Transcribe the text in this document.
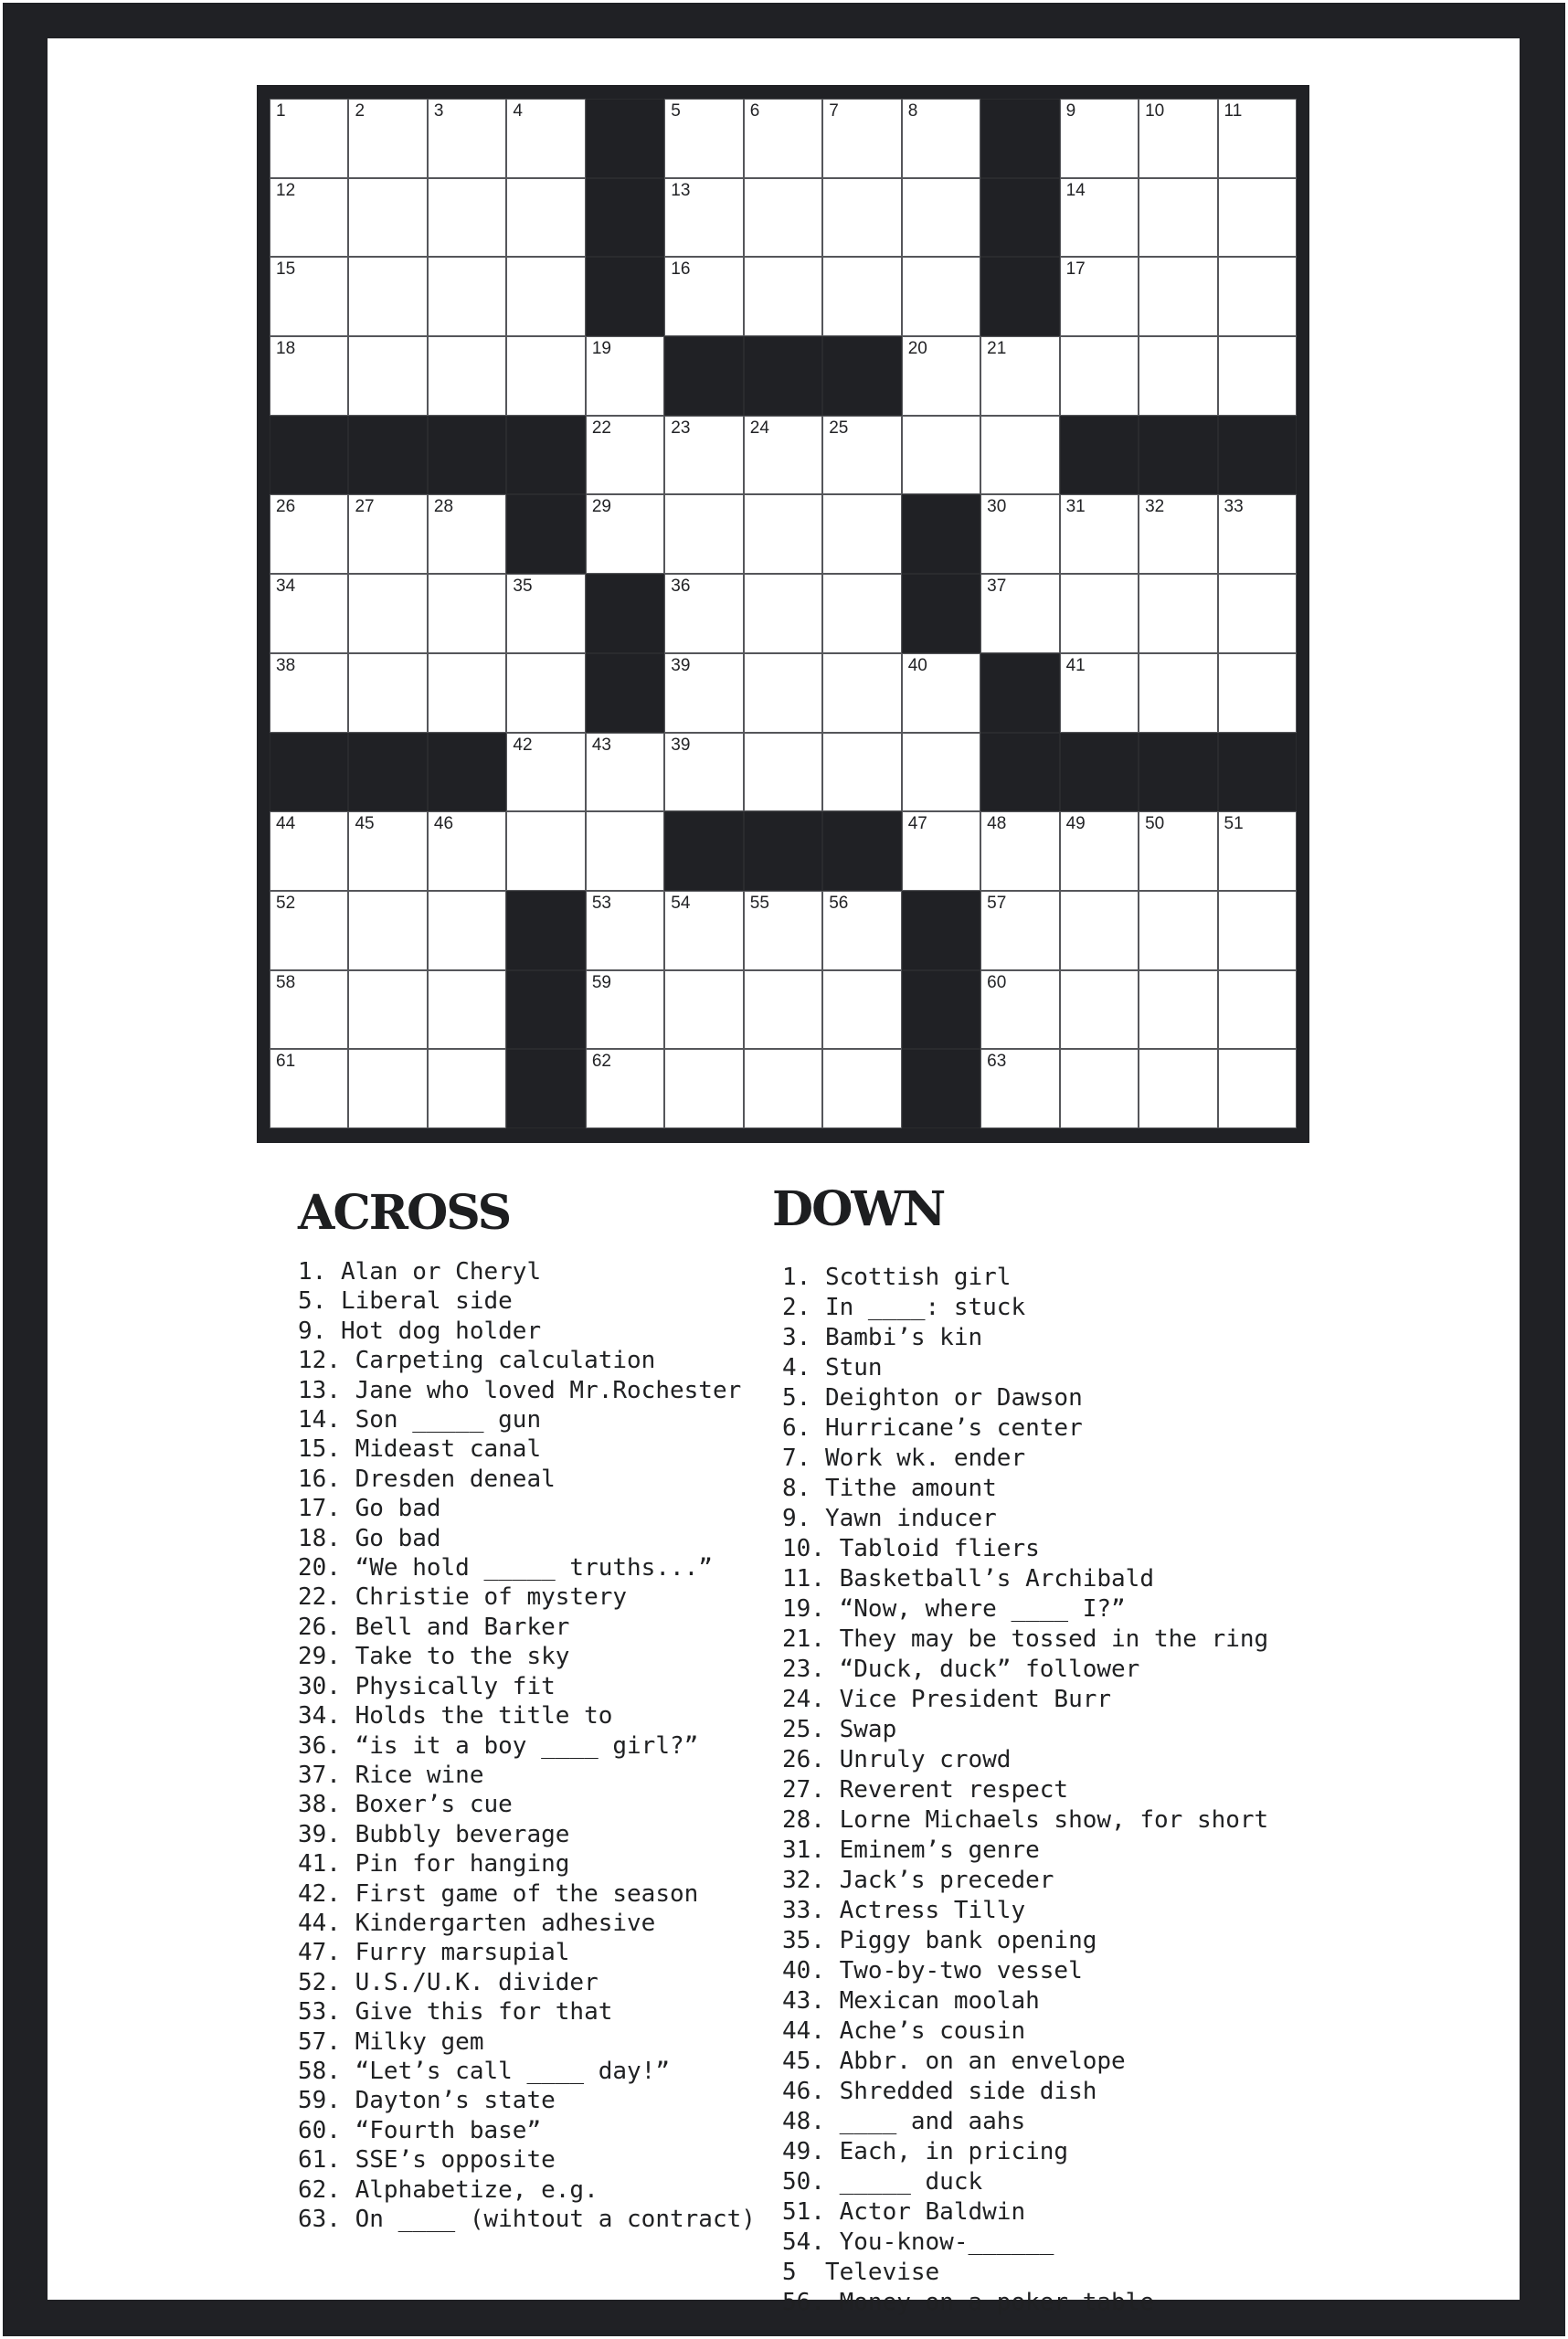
1	2	3	4	5	6	7	8	9	10	11
12	13	14
15	16	17
18	19	20	21
22	23	24	25
26	27	28	29	30	31	32	33
34	35	36	37
38	39	40	41
42	43	39
44	45	46	47	48	49	50	51
52	53	54	55	56	57
58	59	60
61	62	63
ACROSS	DOWN
1. Alan or Cheryl
5. Liberal side
9. Hot dog holder
12. Carpeting calculation
13. Jane who loved Mr.Rochester
14. Son _____ gun
15. Mideast canal
16. Dresden deneal
17. Go bad
18. Go bad
20. “We hold _____ truths...”
22. Christie of mystery
26. Bell and Barker
29. Take to the sky
30. Physically fit
34. Holds the title to
36. “is it a boy ____ girl?”
37. Rice wine
38. Boxer’s cue
39. Bubbly beverage
41. Pin for hanging
42. First game of the season
44. Kindergarten adhesive
47. Furry marsupial
52. U.S./U.K. divider
53. Give this for that
57. Milky gem
58. “Let’s call ____ day!”
59. Dayton’s state
60. “Fourth base”
61. SSE’s opposite
62. Alphabetize, e.g.
63. On ____ (wihtout a contract)
1. Scottish girl
2. In ____: stuck
3. Bambi’s kin
4. Stun
5. Deighton or Dawson
6. Hurricane’s center
7. Work wk. ender
8. Tithe amount
9. Yawn inducer
10. Tabloid fliers
11. Basketball’s Archibald
19. “Now, where ____ I?”
21. They may be tossed in the ring
23. “Duck, duck” follower
24. Vice President Burr
25. Swap
26. Unruly crowd
27. Reverent respect
28. Lorne Michaels show, for short
31. Eminem’s genre
32. Jack’s preceder
33. Actress Tilly
35. Piggy bank opening
40. Two-by-two vessel
43. Mexican moolah
44. Ache’s cousin
45. Abbr. on an envelope
46. Shredded side dish
48. ____ and aahs
49. Each, in pricing
50. _____ duck
51. Actor Baldwin
54. You-know-______
5  Televise
56. Money on a poker table
